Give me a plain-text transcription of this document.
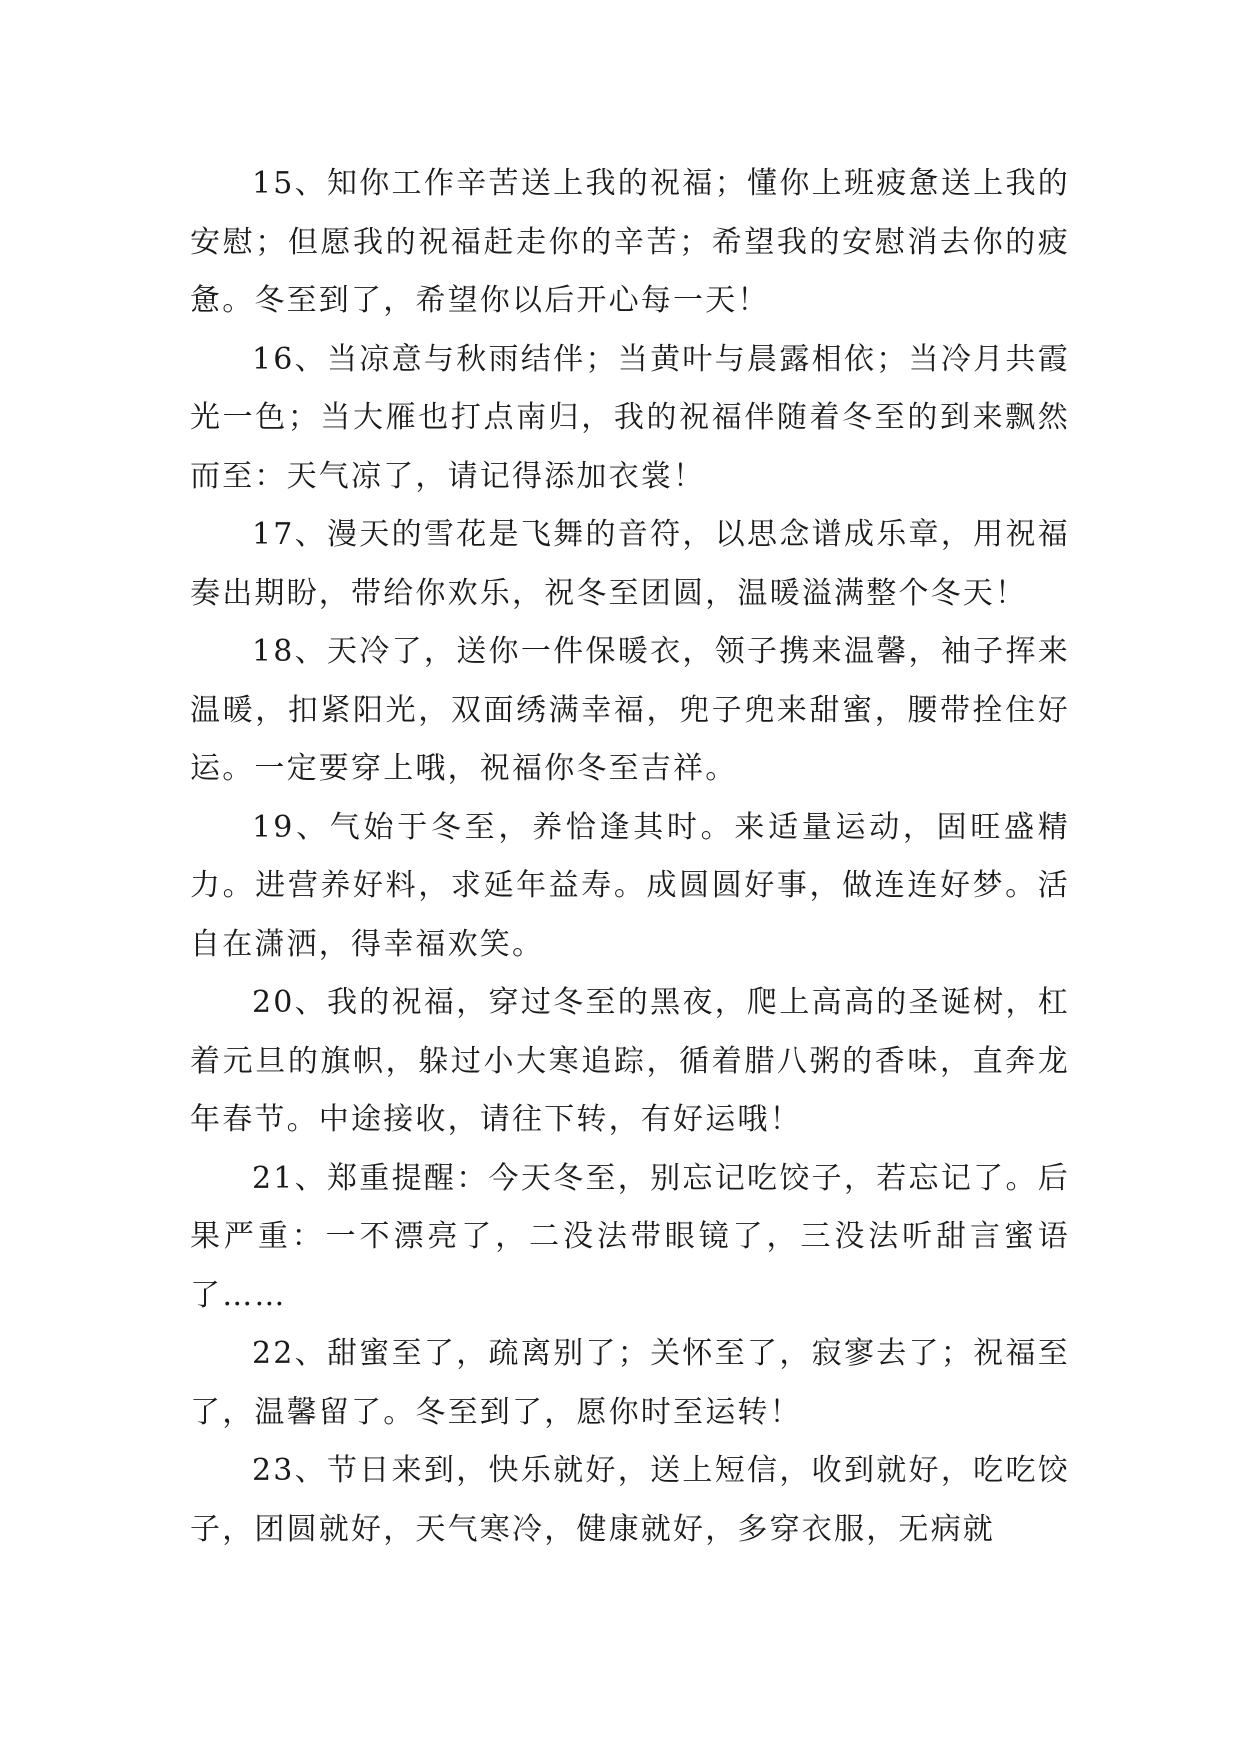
15、知你工作辛苦送上我的祝福；懂你上班疲惫送上我的安慰；但愿我的祝福赶走你的辛苦；希望我的安慰消去你的疲惫。冬至到了，希望你以后开心每一天！

16、当凉意与秋雨结伴；当黄叶与晨露相依；当冷月共霞光一色；当大雁也打点南归，我的祝福伴随着冬至的到来飘然而至：天气凉了，请记得添加衣裳！

17、漫天的雪花是飞舞的音符，以思念谱成乐章，用祝福奏出期盼，带给你欢乐，祝冬至团圆，温暖溢满整个冬天！

18、天冷了，送你一件保暖衣，领子携来温馨，袖子挥来温暖，扣紧阳光，双面绣满幸福，兜子兜来甜蜜，腰带拴住好运。一定要穿上哦，祝福你冬至吉祥。

19、气始于冬至，养恰逢其时。来适量运动，固旺盛精力。进营养好料，求延年益寿。成圆圆好事，做连连好梦。活自在潇洒，得幸福欢笑。

20、我的祝福，穿过冬至的黑夜，爬上高高的圣诞树，杠着元旦的旗帜，躲过小大寒追踪，循着腊八粥的香味，直奔龙年春节。中途接收，请往下转，有好运哦！

21、郑重提醒：今天冬至，别忘记吃饺子，若忘记了。后果严重：一不漂亮了，二没法带眼镜了，三没法听甜言蜜语了……

22、甜蜜至了，疏离别了；关怀至了，寂寥去了；祝福至了，温馨留了。冬至到了，愿你时至运转！

23、节日来到，快乐就好，送上短信，收到就好，吃吃饺子，团圆就好，天气寒冷，健康就好，多穿衣服，无病就
